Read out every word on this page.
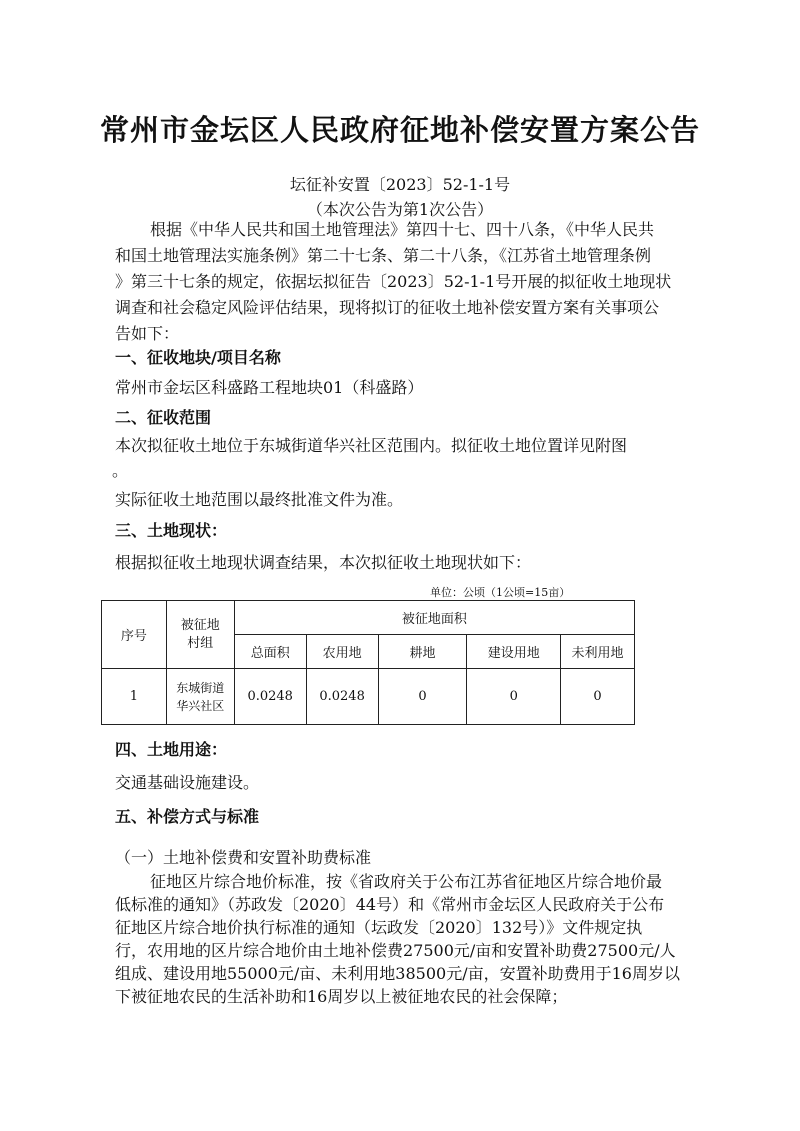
常州市金坛区人民政府征地补偿安置方案公告
坛征补安置〔2023〕52-1-1号
（本次公告为第1次公告）
根据《中华人民共和国土地管理法》第四十七、四十八条，《中华人民共
和国土地管理法实施条例》第二十七条、第二十八条，《江苏省土地管理条例
》第三十七条的规定，依据坛拟征告〔2023〕52-1-1号开展的拟征收土地现状
调查和社会稳定风险评估结果，现将拟订的征收土地补偿安置方案有关事项公
告如下：
一、征收地块/项目名称
常州市金坛区科盛路工程地块01（科盛路）
二、征收范围
本次拟征收土地位于东城街道华兴社区范围内。拟征收土地位置详见附图
。
实际征收土地范围以最终批准文件为准。
三、土地现状：
根据拟征收土地现状调查结果，本次拟征收土地现状如下：
单位：公顷（1公顷=15亩）
序号	被征地村组	被征地面积				
		总面积	农用地	耕地	建设用地	未利用地
1	东城街道华兴社区	0.0248	0.0248	0	0	0
四、土地用途：
交通基础设施建设。
五、补偿方式与标准
（一）土地补偿费和安置补助费标准
征地区片综合地价标准，按《省政府关于公布江苏省征地区片综合地价最
低标准的通知》（苏政发〔2020〕44号）和《常州市金坛区人民政府关于公布
征地区片综合地价执行标准的通知（坛政发〔2020〕132号）》文件规定执
行，农用地的区片综合地价由土地补偿费27500元/亩和安置补助费27500元/人
组成、建设用地55000元/亩、未利用地38500元/亩，安置补助费用于16周岁以
下被征地农民的生活补助和16周岁以上被征地农民的社会保障；
